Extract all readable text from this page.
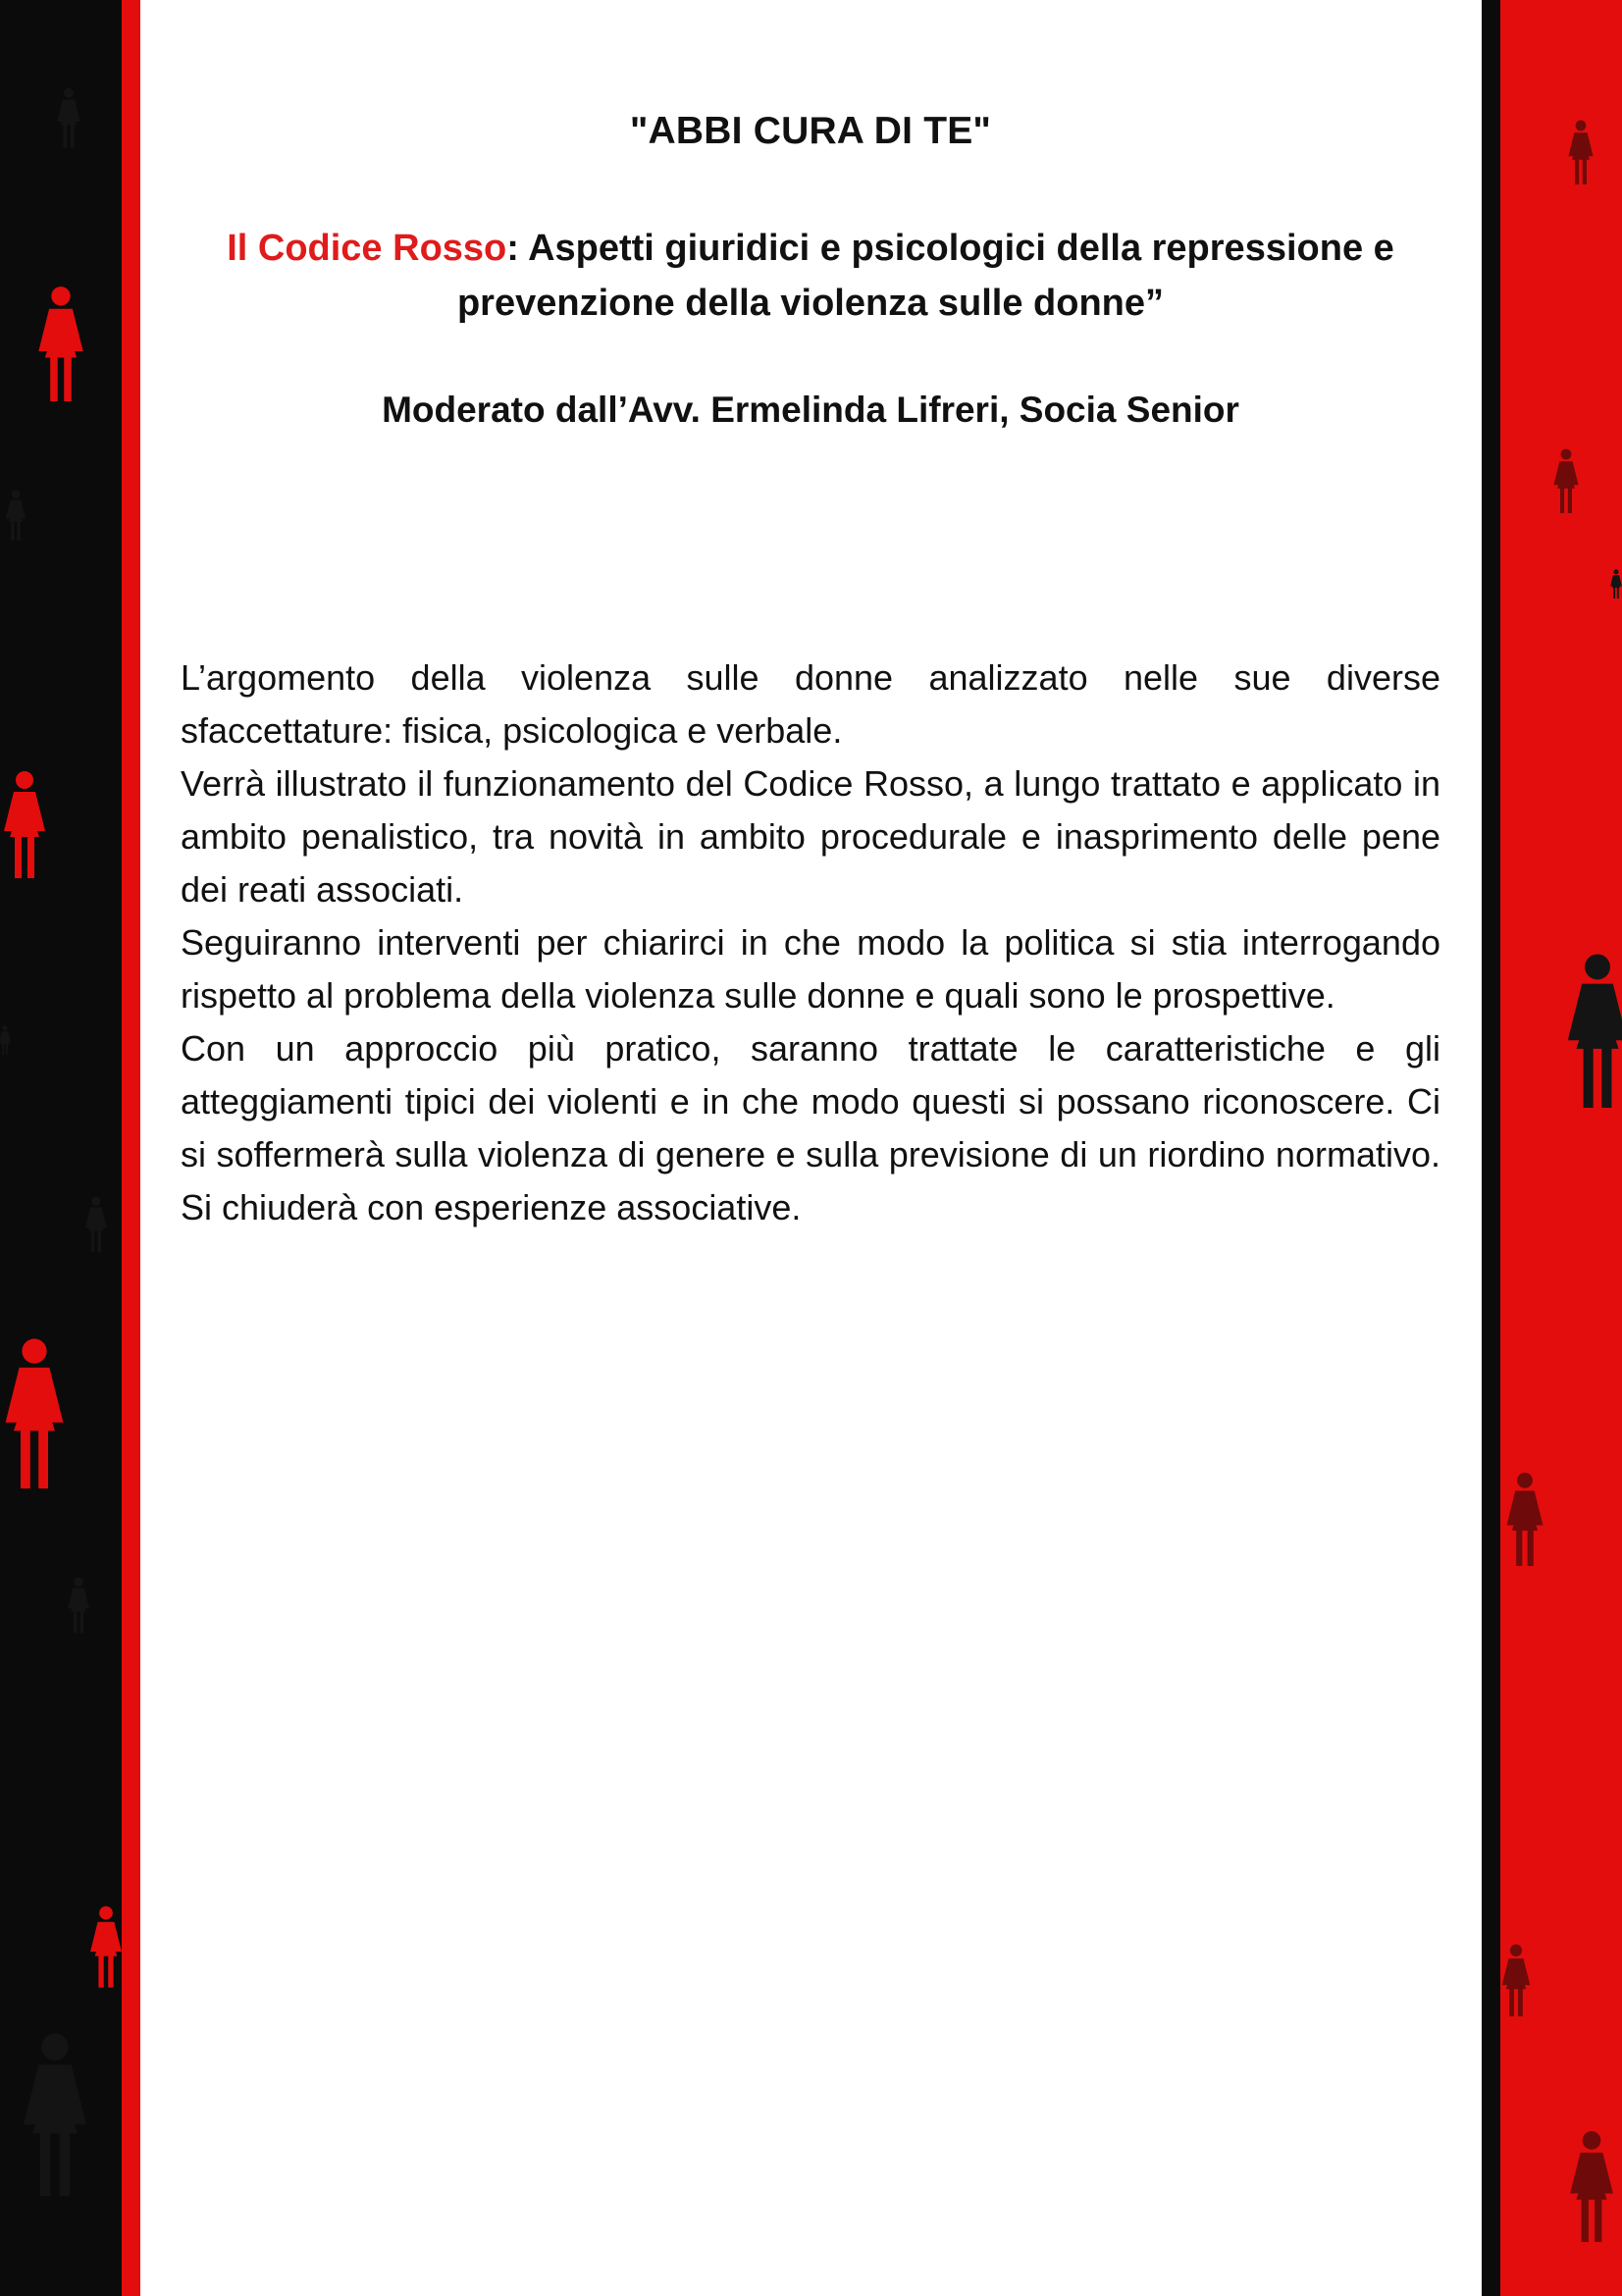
"ABBI CURA DI TE"
Il Codice Rosso: Aspetti giuridici e psicologici della repressione e prevenzione della violenza sulle donne”
Moderato dall’Avv. Ermelinda Lifreri, Socia Senior

L’argomento della violenza sulle donne analizzato nelle sue diverse sfaccettature: fisica, psicologica e verbale.

Verrà illustrato il funzionamento del Codice Rosso, a lungo trattato e applicato in ambito penalistico, tra novità in ambito procedurale e inasprimento delle pene dei reati associati.

Seguiranno interventi per chiarirci in che modo la politica si stia interrogando rispetto al problema della violenza sulle donne e quali sono le prospettive.

Con un approccio più pratico, saranno trattate le caratteristiche e gli atteggiamenti tipici dei violenti e in che modo questi si possano riconoscere. Ci si soffermerà sulla violenza di genere e sulla previsione di un riordino normativo. Si chiuderà con esperienze associative.
